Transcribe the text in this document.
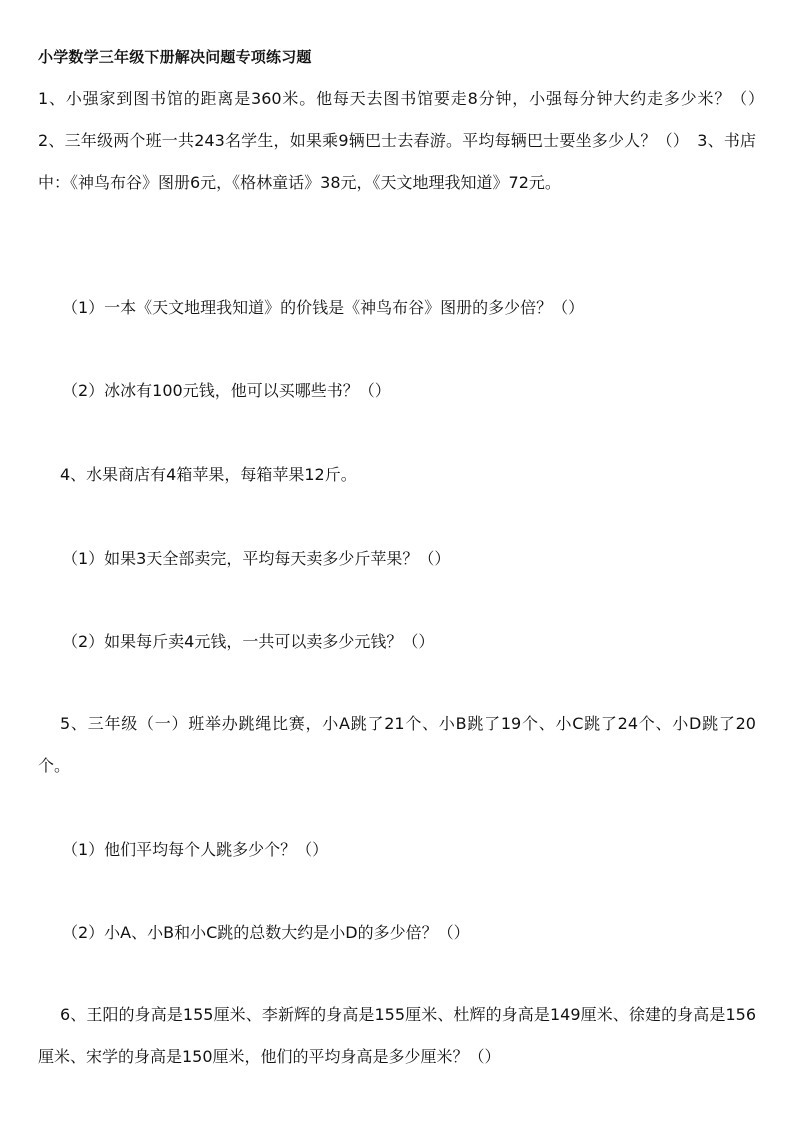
小学数学三年级下册解决问题专项练习题
1、小强家到图书馆的距离是360米。他每天去图书馆要走8分钟，小强每分钟大约走多少米？（）　2、三年级两个班一共243名学生，如果乘9辆巴士去春游。平均每辆巴士要坐多少人？（）　3、书店中：《神鸟布谷》图册6元，《格林童话》38元，《天文地理我知道》72元。
（1）一本《天文地理我知道》的价钱是《神鸟布谷》图册的多少倍？（）
（2）冰冰有100元钱，他可以买哪些书？（）
4、水果商店有4箱苹果，每箱苹果12斤。
（1）如果3天全部卖完，平均每天卖多少斤苹果？（）
（2）如果每斤卖4元钱，一共可以卖多少元钱？（）
5、三年级（一）班举办跳绳比赛，小A跳了21个、小B跳了19个、小C跳了24个、小D跳了20个。
（1）他们平均每个人跳多少个？（）
（2）小A、小B和小C跳的总数大约是小D的多少倍？（）
6、王阳的身高是155厘米、李新辉的身高是155厘米、杜辉的身高是149厘米、徐建的身高是156厘米、宋学的身高是150厘米，他们的平均身高是多少厘米？（）
